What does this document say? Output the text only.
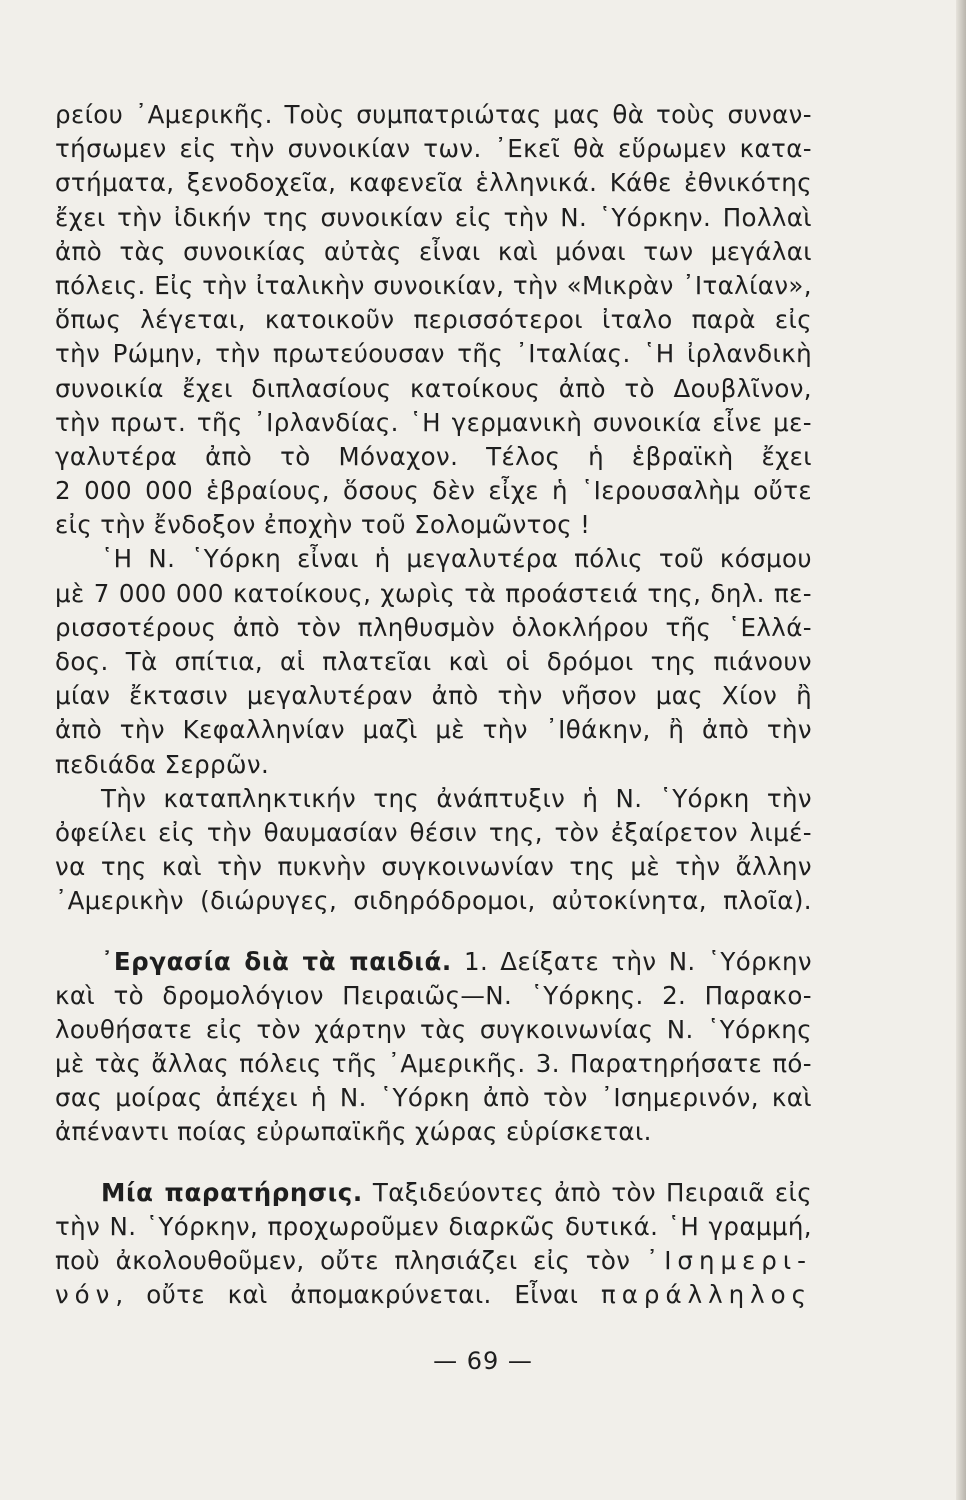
ρείου ᾿Αμερικῆς. Τοὺς συμπατριώτας μας θὰ τοὺς συναν-
τήσωμεν εἰς τὴν συνοικίαν των. ᾿Εκεῖ θὰ εὕρωμεν κατα-
στήματα, ξενοδοχεῖα, καφενεῖα ἑλληνικά. Κάθε ἐθνικότης
ἔχει τὴν ἰδικήν της συνοικίαν εἰς τὴν Ν. ῾Υόρκην. Πολλαὶ
ἀπὸ τὰς συνοικίας αὐτὰς εἶναι καὶ μόναι των μεγάλαι
πόλεις. Εἰς τὴν ἰταλικὴν συνοικίαν, τὴν «Μικρὰν ᾿Ιταλίαν»,
ὅπως λέγεται, κατοικοῦν περισσότεροι ἰταλο παρὰ εἰς
τὴν Ρώμην, τὴν πρωτεύουσαν τῆς ᾿Ιταλίας. ῾Η ἰρλανδικὴ
συνοικία ἔχει διπλασίους κατοίκους ἀπὸ τὸ Δουβλῖνον,
τὴν πρωτ. τῆς ᾿Ιρλανδίας. ῾Η γερμανικὴ συνοικία εἶνε με-
γαλυτέρα ἀπὸ τὸ Μόναχον. Τέλος ἡ ἑβραϊκὴ ἔχει
2 000 000 ἑβραίους, ὅσους δὲν εἶχε ἡ ῾Ιερουσαλὴμ οὔτε
εἰς τὴν ἔνδοξον ἐποχὴν τοῦ Σολομῶντος !
῾Η Ν. ῾Υόρκη εἶναι ἡ μεγαλυτέρα πόλις τοῦ κόσμου
μὲ 7 000 000 κατοίκους, χωρὶς τὰ προάστειά της, δηλ. πε-
ρισσοτέρους ἀπὸ τὸν πληθυσμὸν ὁλοκλήρου τῆς ῾Ελλά-
δος. Τὰ σπίτια, αἱ πλατεῖαι καὶ οἱ δρόμοι της πιάνουν
μίαν ἔκτασιν μεγαλυτέραν ἀπὸ τὴν νῆσον μας Χίον ἢ
ἀπὸ τὴν Κεφαλληνίαν μαζὶ μὲ τὴν ᾿Ιθάκην, ἢ ἀπὸ τὴν
πεδιάδα Σερρῶν.
Τὴν καταπληκτικήν της ἀνάπτυξιν ἡ Ν. ῾Υόρκη τὴν
ὀφείλει εἰς τὴν θαυμασίαν θέσιν της, τὸν ἐξαίρετον λιμέ-
να της καὶ τὴν πυκνὴν συγκοινωνίαν της μὲ τὴν ἄλλην
᾿Αμερικὴν (διώρυγες, σιδηρόδρομοι, αὐτοκίνητα, πλοῖα).
᾿Εργασία διὰ τὰ παιδιά. 1. Δείξατε τὴν Ν. ῾Υόρκην
καὶ τὸ δρομολόγιον Πειραιῶς—Ν. ῾Υόρκης. 2. Παρακο-
λουθήσατε εἰς τὸν χάρτην τὰς συγκοινωνίας Ν. ῾Υόρκης
μὲ τὰς ἄλλας πόλεις τῆς ᾿Αμερικῆς. 3. Παρατηρήσατε πό-
σας μοίρας ἀπέχει ἡ Ν. ῾Υόρκη ἀπὸ τὸν ᾿Ισημερινόν, καὶ
ἀπέναντι ποίας εὐρωπαϊκῆς χώρας εὑρίσκεται.
Μία παρατήρησις. Ταξιδεύοντες ἀπὸ τὸν Πειραιᾶ εἰς
τὴν Ν. ῾Υόρκην, προχωροῦμεν διαρκῶς δυτικά. ῾Η γραμμή,
ποὺ ἀκολουθοῦμεν, οὔτε πλησιάζει εἰς τὸν ᾿Ισημερι-
νόν, οὔτε καὶ ἀπομακρύνεται. Εἶναι παράλληλος
— 69 —
